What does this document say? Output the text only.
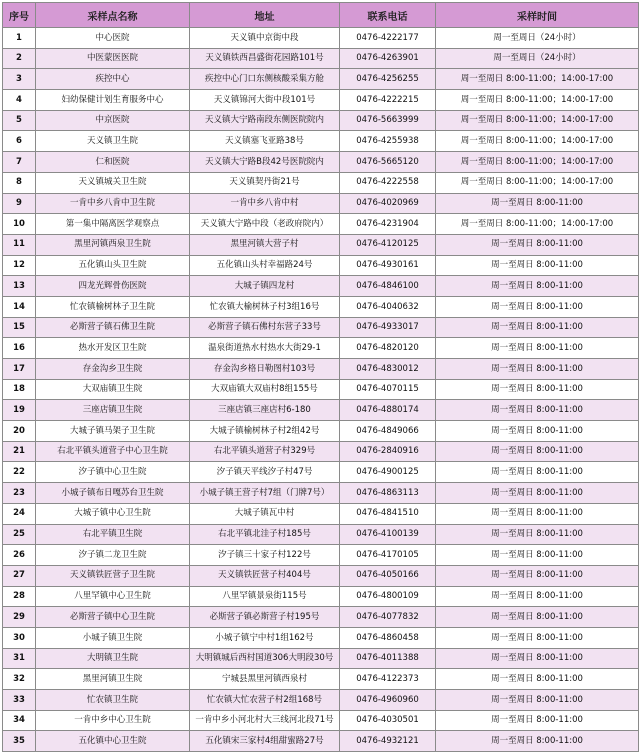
序号	采样点名称	地址	联系电话	采样时间
1	中心医院	天义镇中京街中段	0476-4222177	周一至周日（24小时）
2	中医蒙医医院	天义镇铁西昌盛街花园路101号	0476-4263901	周一至周日（24小时）
3	疾控中心	疾控中心门口东侧核酸采集方舱	0476-4256255	周一至周日 8:00-11:00；14:00-17:00
4	妇幼保健计划生育服务中心	天义镇锦河大街中段101号	0476-4222215	周一至周日 8:00-11:00；14:00-17:00
5	中京医院	天义镇大宁路南段东侧医院院内	0476-5663999	周一至周日 8:00-11:00；14:00-17:00
6	天义镇卫生院	天义镇塞飞亚路38号	0476-4255938	周一至周日 8:00-11:00；14:00-17:00
7	仁和医院	天义镇大宁路B段42号医院院内	0476-5665120	周一至周日 8:00-11:00；14:00-17:00
8	天义镇城关卫生院	天义镇契丹街21号	0476-4222558	周一至周日 8:00-11:00；14:00-17:00
9	一肯中乡八肯中卫生院	一肯中乡八肯中村	0476-4020969	周一至周日 8:00-11:00
10	第一集中隔离医学观察点	天义镇大宁路中段（老政府院内）	0476-4231904	周一至周日 8:00-11:00；14:00-17:00
11	黑里河镇西泉卫生院	黑里河镇大营子村	0476-4120125	周一至周日 8:00-11:00
12	五化镇山头卫生院	五化镇山头村幸福路24号	0476-4930161	周一至周日 8:00-11:00
13	四龙光辉骨伤医院	大城子镇四龙村	0476-4846100	周一至周日 8:00-11:00
14	忙农镇榆树林子卫生院	忙农镇大榆树林子村3组16号	0476-4040632	周一至周日 8:00-11:00
15	必斯营子镇石佛卫生院	必斯营子镇石佛村东营子33号	0476-4933017	周一至周日 8:00-11:00
16	热水开发区卫生院	温泉街道热水村热水大街29-1	0476-4820120	周一至周日 8:00-11:00
17	存金沟乡卫生院	存金沟乡格日勒图村103号	0476-4830012	周一至周日 8:00-11:00
18	大双庙镇卫生院	大双庙镇大双庙村8组155号	0476-4070115	周一至周日 8:00-11:00
19	三座店镇卫生院	三座店镇三座店村6-180	0476-4880174	周一至周日 8:00-11:00
20	大城子镇马架子卫生院	大城子镇榆树林子村2组42号	0476-4849066	周一至周日 8:00-11:00
21	右北平镇头道营子中心卫生院	右北平镇头道营子村329号	0476-2840916	周一至周日 8:00-11:00
22	汐子镇中心卫生院	汐子镇天平线汐子村47号	0476-4900125	周一至周日 8:00-11:00
23	小城子镇布日嘎苏台卫生院	小城子镇王营子村7组（门牌7号）	0476-4863113	周一至周日 8:00-11:00
24	大城子镇中心卫生院	大城子镇瓦中村	0476-4841510	周一至周日 8:00-11:00
25	右北平镇卫生院	右北平镇北洼子村185号	0476-4100139	周一至周日 8:00-11:00
26	汐子镇二龙卫生院	汐子镇三十家子村122号	0476-4170105	周一至周日 8:00-11:00
27	天义镇铁匠营子卫生院	天义镇铁匠营子村404号	0476-4050166	周一至周日 8:00-11:00
28	八里罕镇中心卫生院	八里罕镇景泉街115号	0476-4800109	周一至周日 8:00-11:00
29	必斯营子镇中心卫生院	必斯营子镇必斯营子村195号	0476-4077832	周一至周日 8:00-11:00
30	小城子镇卫生院	小城子镇宁中村1组162号	0476-4860458	周一至周日 8:00-11:00
31	大明镇卫生院	大明镇城后西村国道306大明段30号	0476-4011388	周一至周日 8:00-11:00
32	黑里河镇卫生院	宁城县黑里河镇西泉村	0476-4122373	周一至周日 8:00-11:00
33	忙农镇卫生院	忙农镇大忙农营子村2组168号	0476-4960960	周一至周日 8:00-11:00
34	一肯中乡中心卫生院	一肯中乡小河北村大三线河北段71号	0476-4030501	周一至周日 8:00-11:00
35	五化镇中心卫生院	五化镇宋三家村4组甜蜜路27号	0476-4932121	周一至周日 8:00-11:00
